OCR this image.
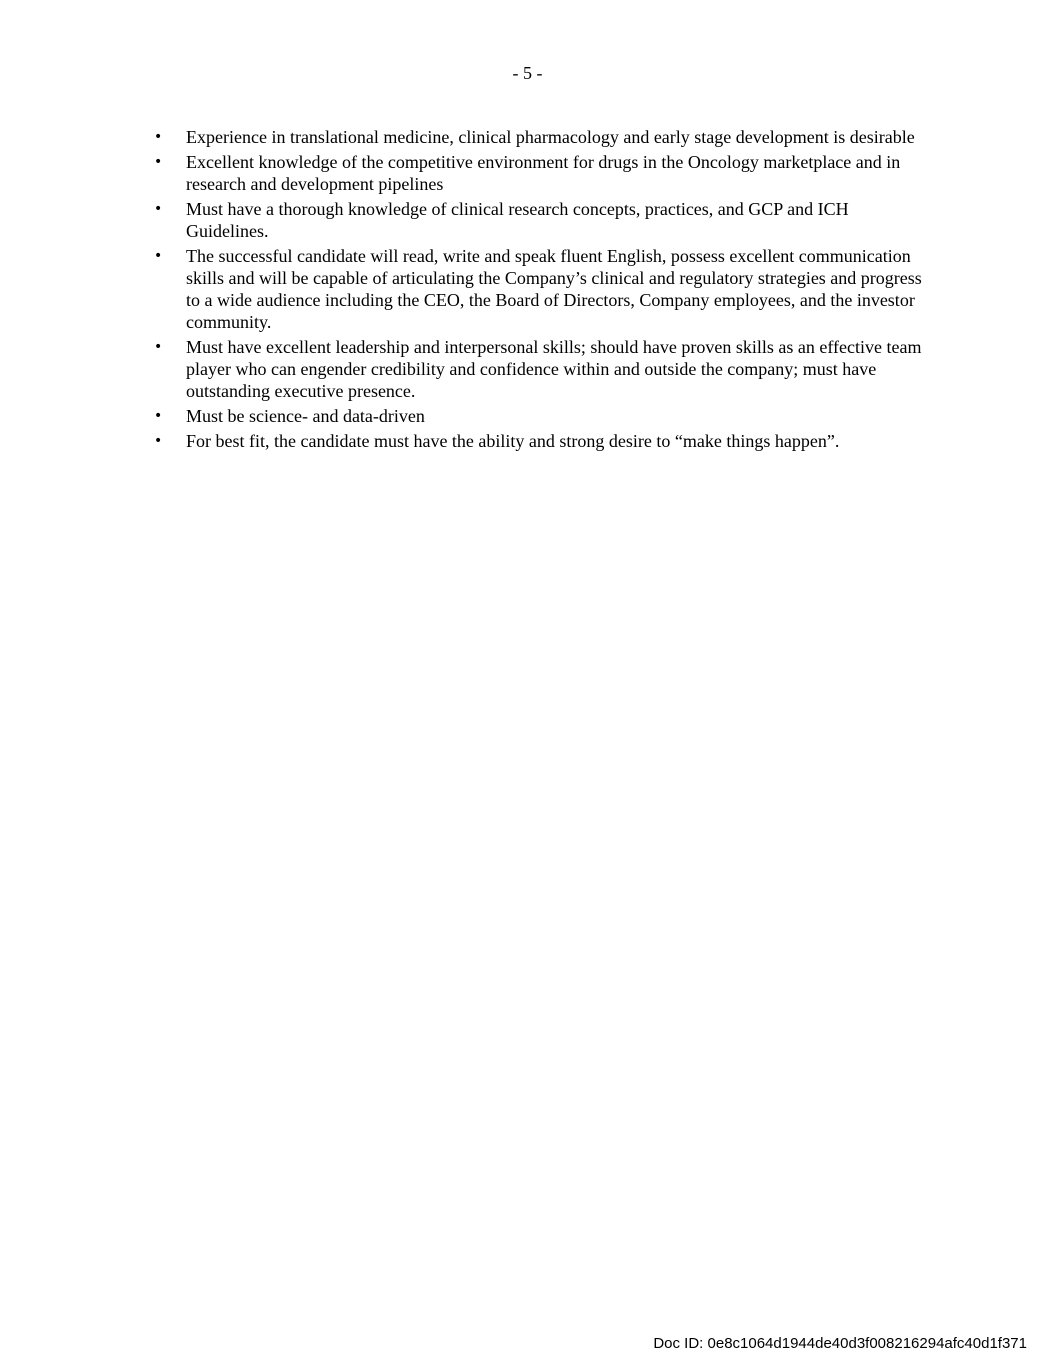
- 5 -
• Experience in translational medicine, clinical pharmacology and early stage development is desirable
• Excellent knowledge of the competitive environment for drugs in the Oncology marketplace and in research and development pipelines
• Must have a thorough knowledge of clinical research concepts, practices, and GCP and ICH Guidelines.
• The successful candidate will read, write and speak fluent English, possess excellent communication skills and will be capable of articulating the Company’s clinical and regulatory strategies and progress to a wide audience including the CEO, the Board of Directors, Company employees, and the investor community.
• Must have excellent leadership and interpersonal skills; should have proven skills as an effective team player who can engender credibility and confidence within and outside the company; must have outstanding executive presence.
• Must be science- and data-driven
• For best fit, the candidate must have the ability and strong desire to “make things happen”.
Doc ID: 0e8c1064d1944de40d3f008216294afc40d1f371
